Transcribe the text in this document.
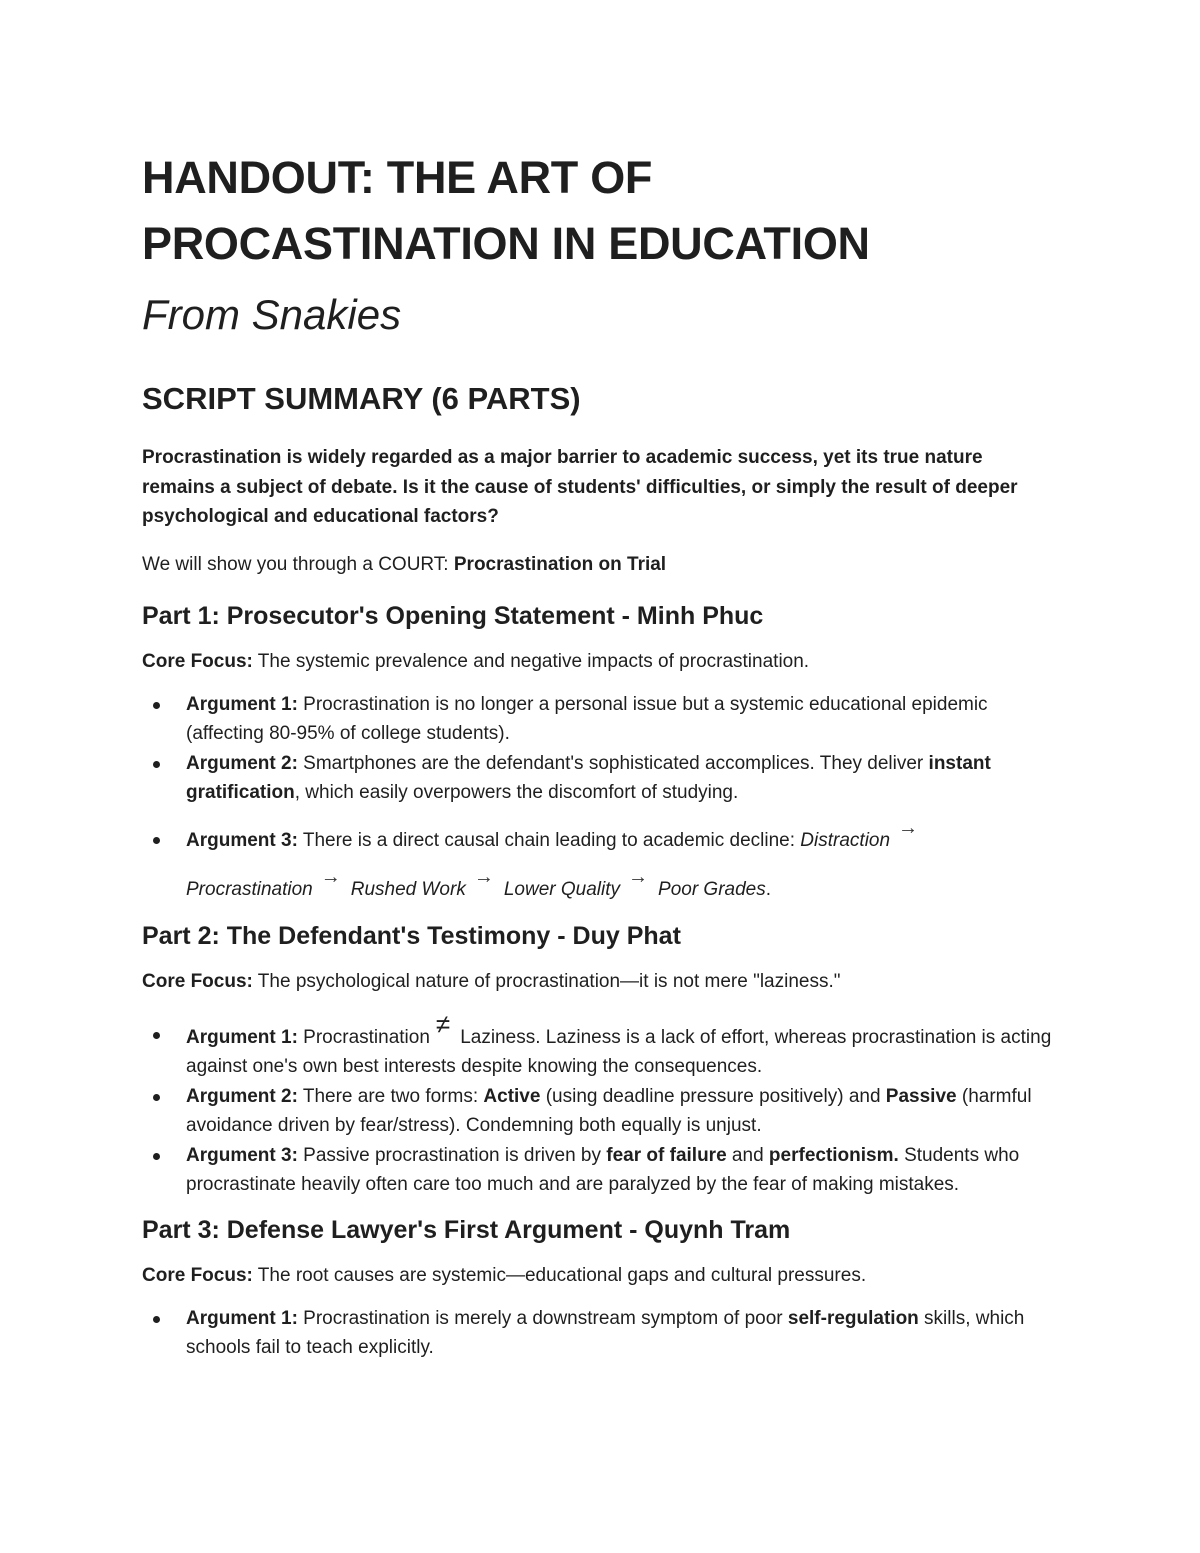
HANDOUT: THE ART OF
PROCASTINATION IN EDUCATION

From Snakies

SCRIPT SUMMARY (6 PARTS)

Procrastination is widely regarded as a major barrier to academic success, yet its true nature remains a subject of debate. Is it the cause of students' difficulties, or simply the result of deeper psychological and educational factors?

We will show you through a COURT: Procrastination on Trial

Part 1: Prosecutor's Opening Statement - Minh Phuc

Core Focus: The systemic prevalence and negative impacts of procrastination.

Argument 1: Procrastination is no longer a personal issue but a systemic educational epidemic (affecting 80-95% of college students).
Argument 2: Smartphones are the defendant's sophisticated accomplices. They deliver instant gratification, which easily overpowers the discomfort of studying.
Argument 3: There is a direct causal chain leading to academic decline: Distraction→
Procrastination→Rushed Work→Lower Quality→Poor Grades.
Part 2: The Defendant's Testimony - Duy Phat

Core Focus: The psychological nature of procrastination—it is not mere "laziness."

Argument 1: Procrastination ≠ Laziness. Laziness is a lack of effort, whereas procrastination is acting against one's own best interests despite knowing the consequences.
Argument 2: There are two forms: Active (using deadline pressure positively) and Passive (harmful avoidance driven by fear/stress). Condemning both equally is unjust.
Argument 3: Passive procrastination is driven by fear of failure and perfectionism. Students who procrastinate heavily often care too much and are paralyzed by the fear of making mistakes.
Part 3: Defense Lawyer's First Argument - Quynh Tram

Core Focus: The root causes are systemic—educational gaps and cultural pressures.

Argument 1: Procrastination is merely a downstream symptom of poor self-regulation skills, which schools fail to teach explicitly.
